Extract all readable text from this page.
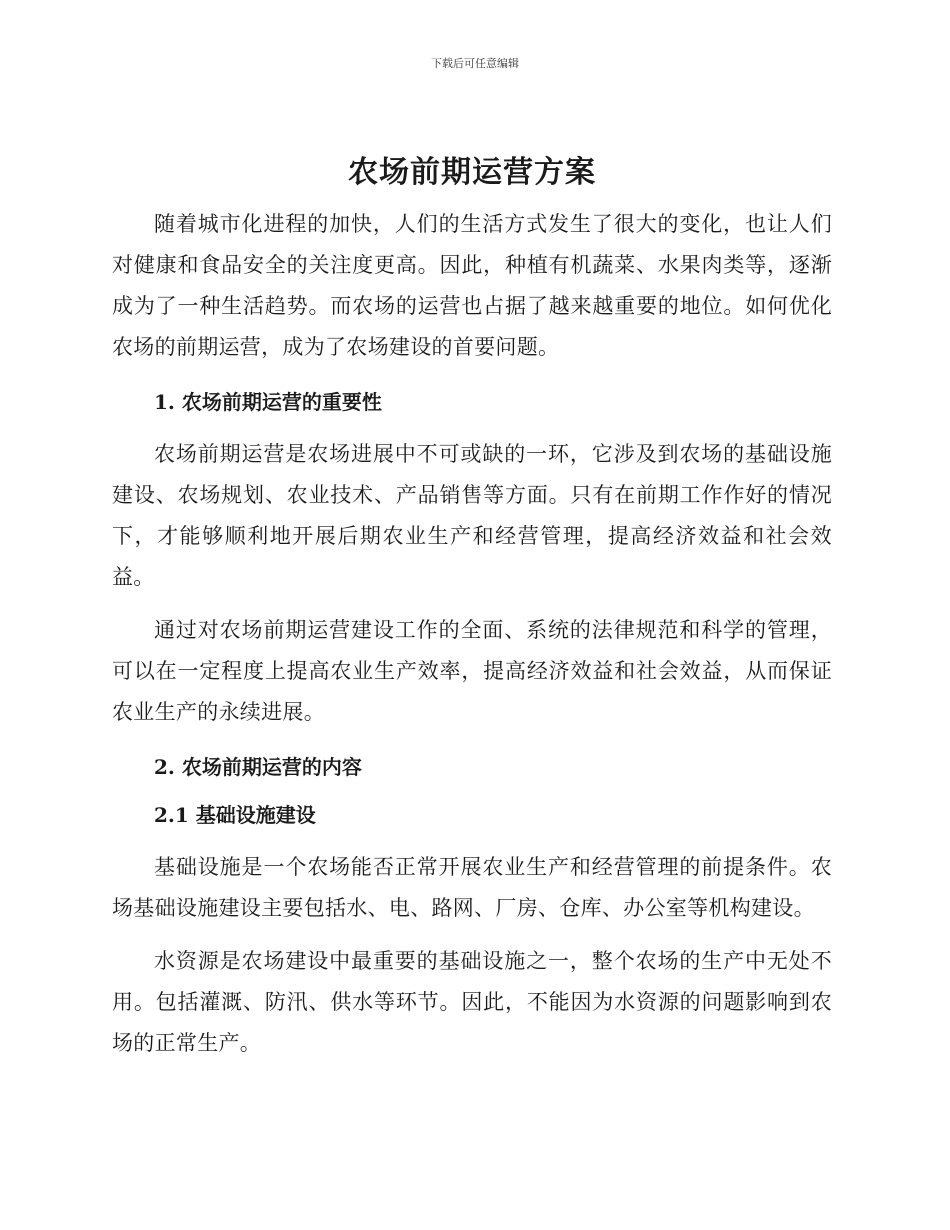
下载后可任意编辑
农场前期运营方案

随着城市化进程的加快，人们的生活方式发生了很大的变化，也让人们对健康和食品安全的关注度更高。因此，种植有机蔬菜、水果肉类等，逐渐成为了一种生活趋势。而农场的运营也占据了越来越重要的地位。如何优化农场的前期运营，成为了农场建设的首要问题。

1. 农场前期运营的重要性

农场前期运营是农场进展中不可或缺的一环，它涉及到农场的基础设施建设、农场规划、农业技术、产品销售等方面。只有在前期工作作好的情况下，才能够顺利地开展后期农业生产和经营管理，提高经济效益和社会效益。

通过对农场前期运营建设工作的全面、系统的法律规范和科学的管理，可以在一定程度上提高农业生产效率，提高经济效益和社会效益，从而保证农业生产的永续进展。

2. 农场前期运营的内容
2.1 基础设施建设

基础设施是一个农场能否正常开展农业生产和经营管理的前提条件。农场基础设施建设主要包括水、电、路网、厂房、仓库、办公室等机构建设。

水资源是农场建设中最重要的基础设施之一，整个农场的生产中无处不用。包括灌溉、防汛、供水等环节。因此，不能因为水资源的问题影响到农场的正常生产。
